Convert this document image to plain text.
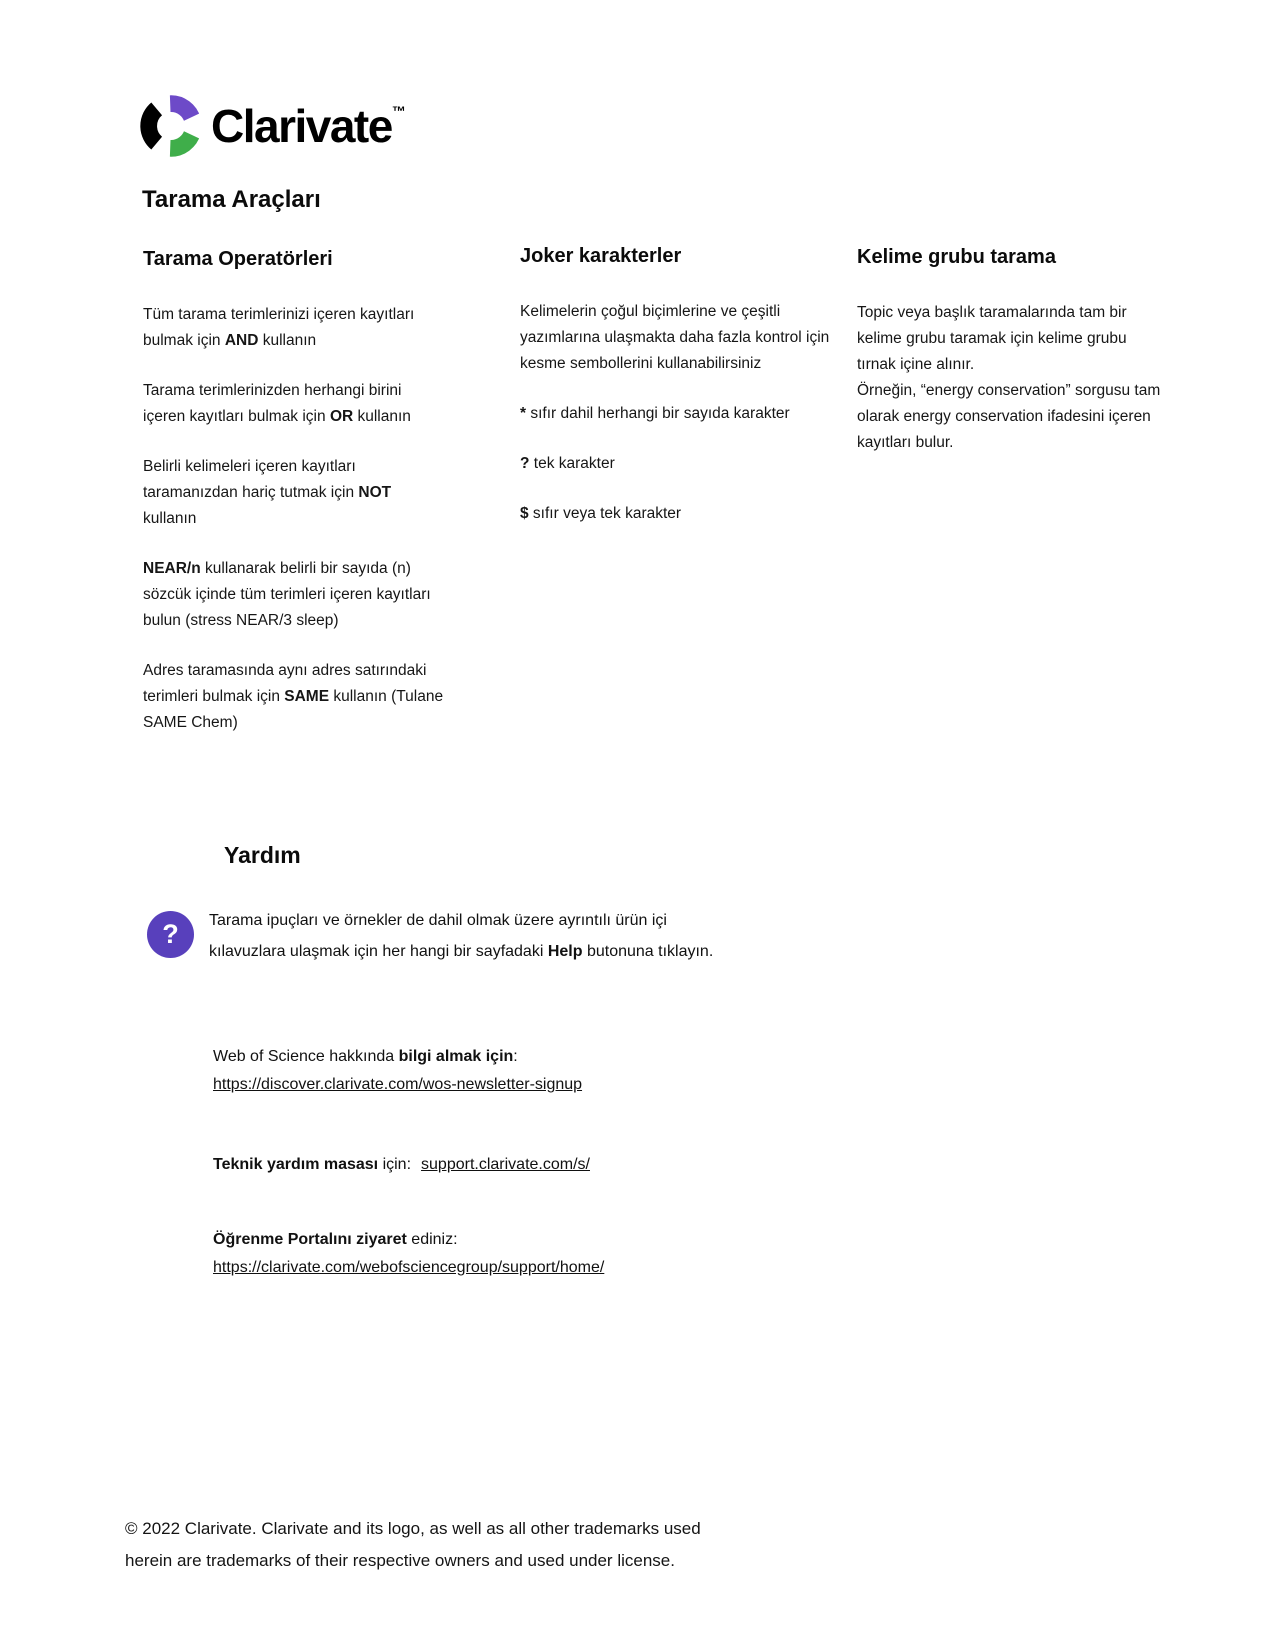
Clarivate™
Tarama Araçları
Tarama Operatörleri

Tüm tarama terimlerinizi içeren kayıtları bulmak için AND kullanın

Tarama terimlerinizden herhangi birini içeren kayıtları bulmak için OR kullanın

Belirli kelimeleri içeren kayıtları taramanızdan hariç tutmak için NOT kullanın

NEAR/n kullanarak belirli bir sayıda (n) sözcük içinde tüm terimleri içeren kayıtları bulun (stress NEAR/3 sleep)

Adres taramasında aynı adres satırındaki terimleri bulmak için SAME kullanın (Tulane SAME Chem)

Joker karakterler

Kelimelerin çoğul biçimlerine ve çeşitli yazımlarına ulaşmakta daha fazla kontrol için kesme sembollerini kullanabilirsiniz

* sıfır dahil herhangi bir sayıda karakter

? tek karakter

$ sıfır veya tek karakter

Kelime grubu tarama

Topic veya başlık taramalarında tam bir kelime grubu taramak için kelime grubu tırnak içine alınır.

Örneğin, “energy conservation” sorgusu tam olarak energy conservation ifadesini içeren kayıtları bulur.

Yardım
? Tarama ipuçları ve örnekler de dahil olmak üzere ayrıntılı ürün içi kılavuzlara ulaşmak için her hangi bir sayfadaki Help butonuna tıklayın.
Web of Science hakkında bilgi almak için:
https://discover.clarivate.com/wos-newsletter-signup
Teknik yardım masası için: support.clarivate.com/s/
Öğrenme Portalını ziyaret ediniz:
https://clarivate.com/webofsciencegroup/support/home/
© 2022 Clarivate. Clarivate and its logo, as well as all other trademarks used
herein are trademarks of their respective owners and used under license.
